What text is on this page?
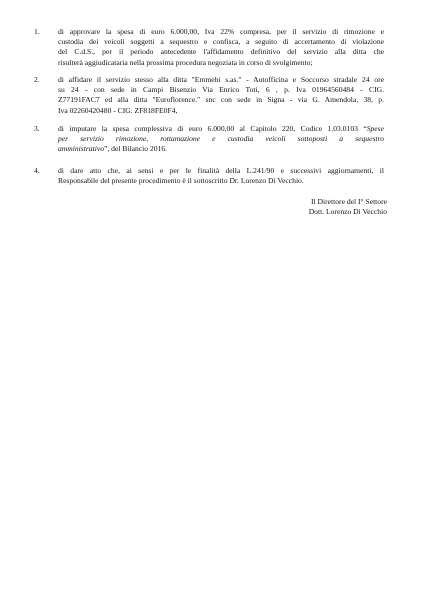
1.	di approvare la spesa di euro 6.000,00, Iva 22% compresa, per il servizio di rimozione e
custodia dei veicoli soggetti a sequestro e confisca, a seguito di accertamento di violazione
del C.d.S., per il periodo antecedente l'affidamento definitivo del servizio alla ditta che
risulterà aggiudicataria nella prossima procedura negoziata in corso di svolgimento;
2.	di affidare il servizio stesso alla ditta "Emmebi s.as." - Autofficina e Soccorso stradale 24 ore
su 24 - con sede in Campi Bisenzio Via Enrico Toti, 6 , p. Iva 01964560484 - CIG.
Z77191FAC7 ed alla ditta "Euroflorence." snc con sede in Signa - via G. Amendola, 38, p.
Iva 02260420480 - CIG. ZF818FE0F4,
3.	di imputare la spesa complessiva di euro 6.000,00 al Capitolo 220, Codice 1.03.0103 “Spese
per servizio rimozione, rottamazione e custodia veicoli sottoposti a sequestro
amministrativo”, del Bilancio 2016.
4.	di dare atto che, ai sensi e per le finalità della L.241/90 e successivi aggiornamenti, il
Responsabile del presente procedimento è il sottoscritto Dr. Lorenzo Di Vecchio.
Il Direttore del I° Settore
Dott. Lorenzo Di Vecchio
